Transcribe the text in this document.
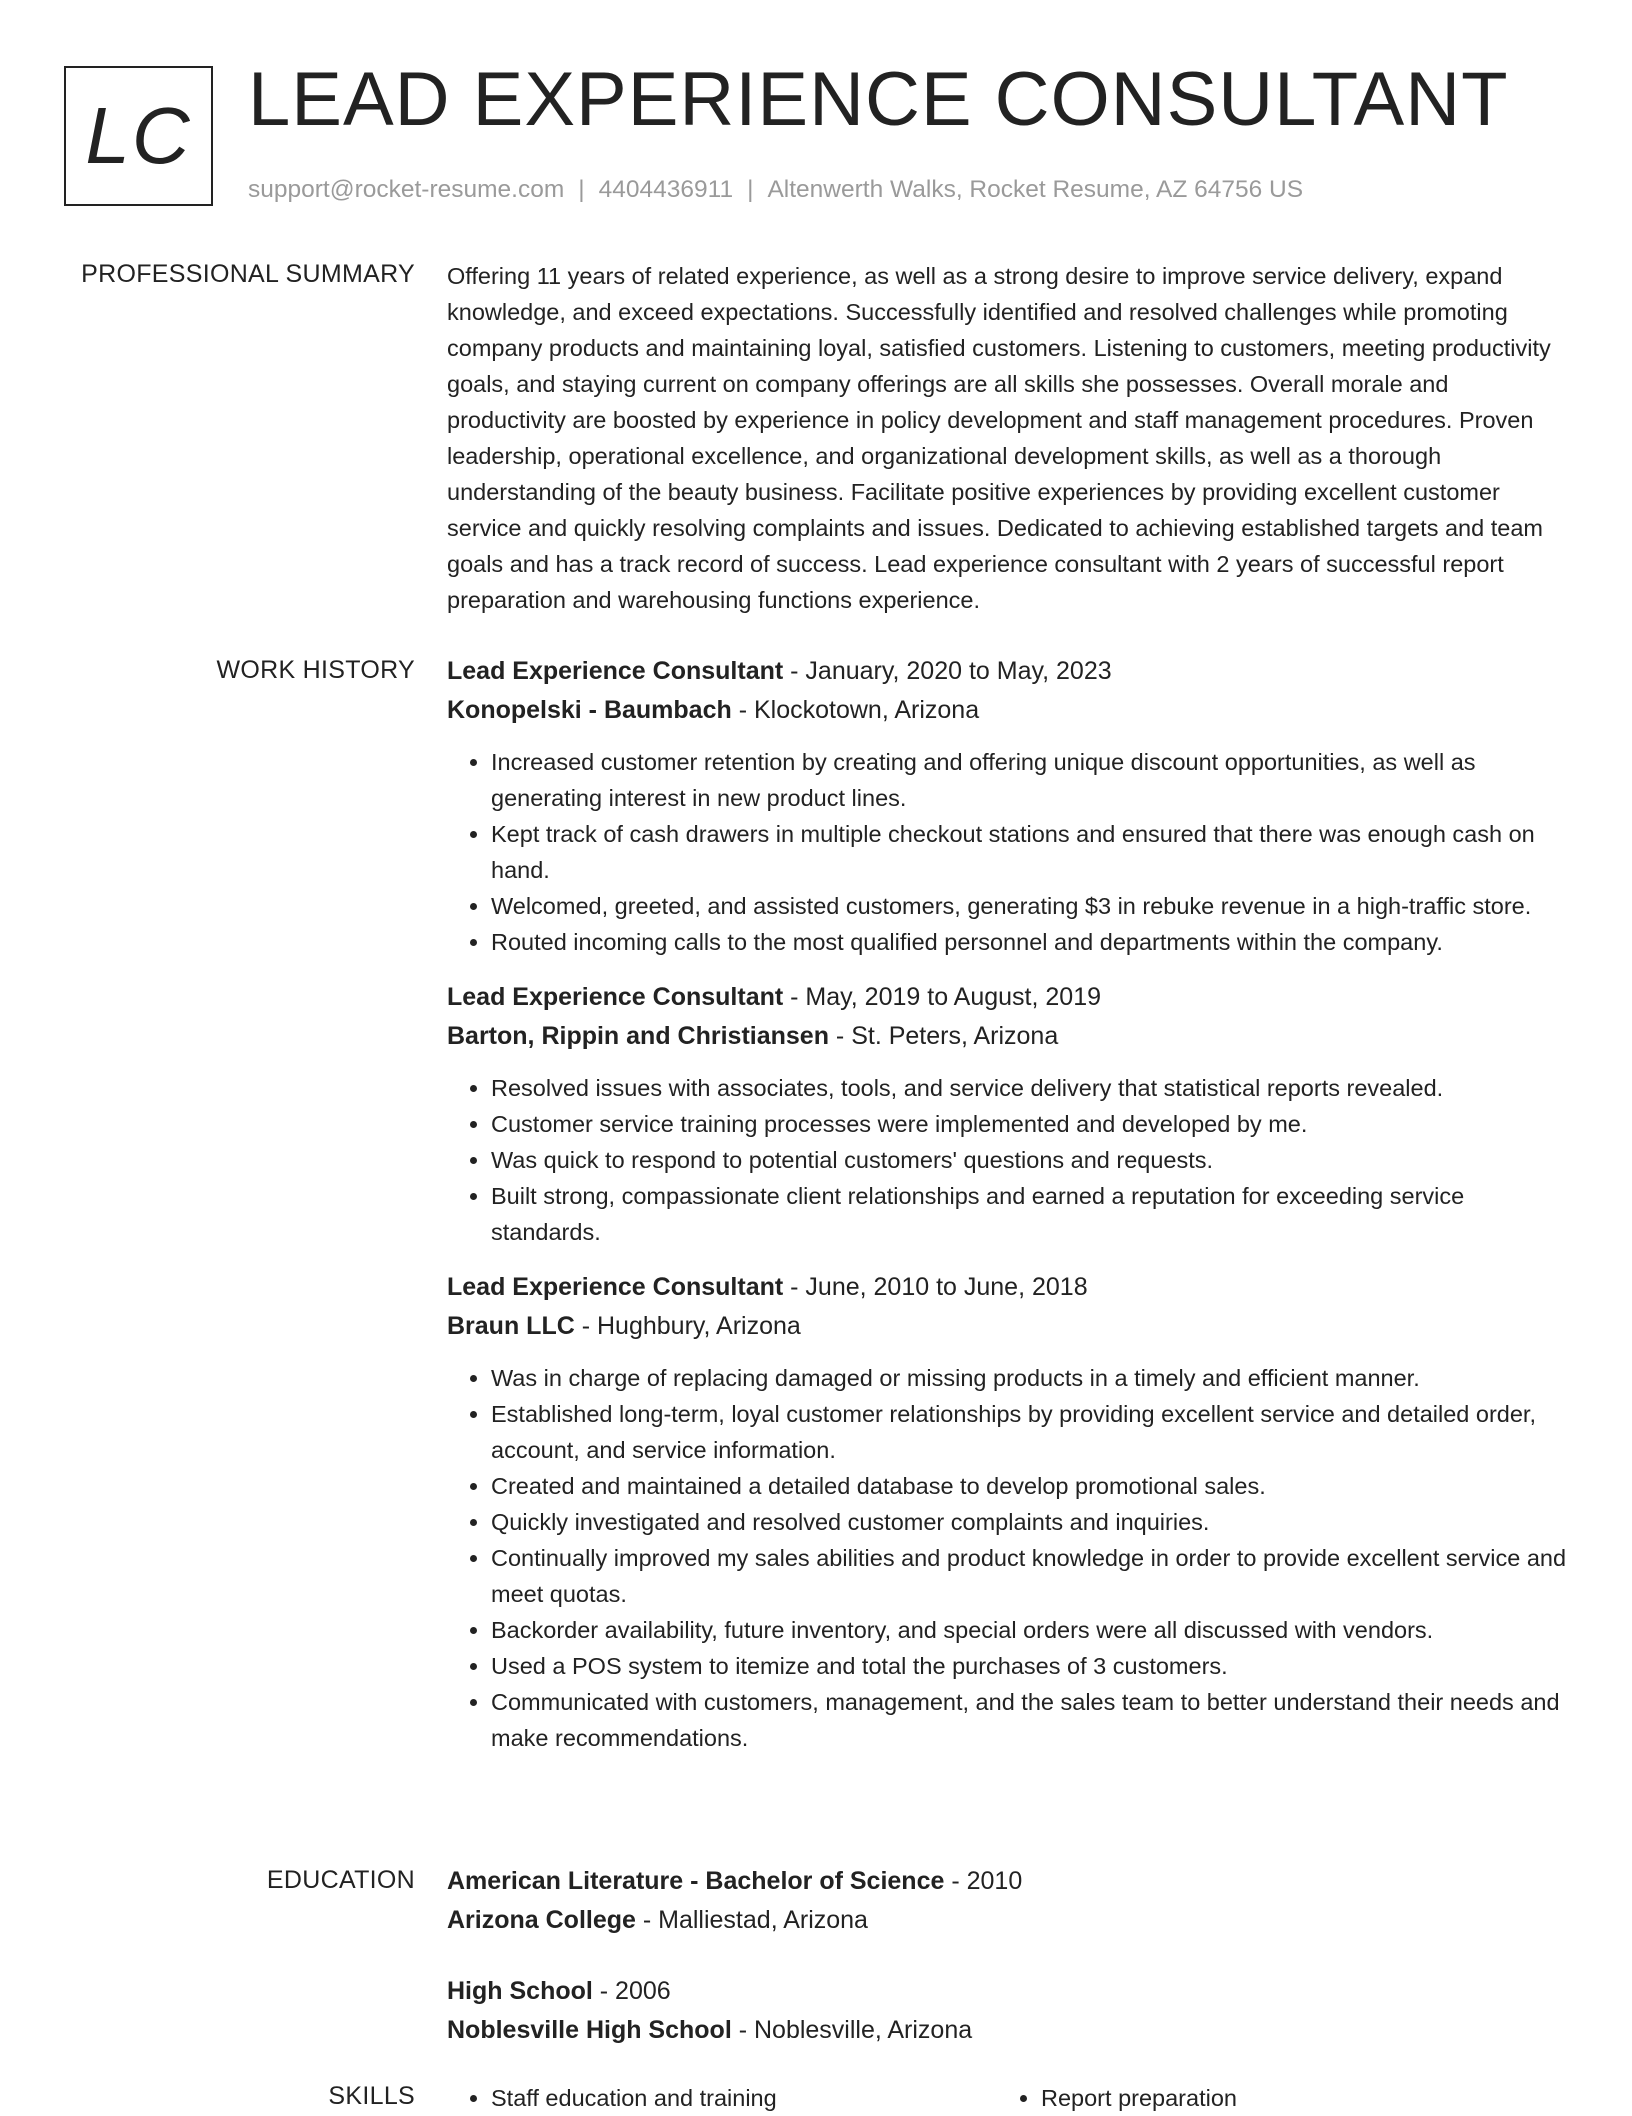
LC LEAD EXPERIENCE CONSULTANT
support@rocket-resume.com | 4404436911 | Altenwerth Walks, Rocket Resume, AZ 64756 US
PROFESSIONAL SUMMARY Offering 11 years of related experience, as well as a strong desire to improve service delivery, expand knowledge, and exceed expectations. Successfully identified and resolved challenges while promoting company products and maintaining loyal, satisfied customers. Listening to customers, meeting productivity goals, and staying current on company offerings are all skills she possesses. Overall morale and productivity are boosted by experience in policy development and staff management procedures. Proven leadership, operational excellence, and organizational development skills, as well as a thorough understanding of the beauty business. Facilitate positive experiences by providing excellent customer service and quickly resolving complaints and issues. Dedicated to achieving established targets and team goals and has a track record of success. Lead experience consultant with 2 years of successful report preparation and warehousing functions experience.

WORK HISTORY Lead Experience Consultant - January, 2020 to May, 2023
Konopelski - Baumbach - Klockotown, Arizona
• Increased customer retention by creating and offering unique discount opportunities, as well as generating interest in new product lines.
• Kept track of cash drawers in multiple checkout stations and ensured that there was enough cash on hand.
• Welcomed, greeted, and assisted customers, generating $3 in rebuke revenue in a high-traffic store.
• Routed incoming calls to the most qualified personnel and departments within the company.
Lead Experience Consultant - May, 2019 to August, 2019
Barton, Rippin and Christiansen - St. Peters, Arizona
• Resolved issues with associates, tools, and service delivery that statistical reports revealed.
• Customer service training processes were implemented and developed by me.
• Was quick to respond to potential customers' questions and requests.
• Built strong, compassionate client relationships and earned a reputation for exceeding service standards.
Lead Experience Consultant - June, 2010 to June, 2018
Braun LLC - Hughbury, Arizona
• Was in charge of replacing damaged or missing products in a timely and efficient manner.
• Established long-term, loyal customer relationships by providing excellent service and detailed order, account, and service information.
• Created and maintained a detailed database to develop promotional sales.
• Quickly investigated and resolved customer complaints and inquiries.
• Continually improved my sales abilities and product knowledge in order to provide excellent service and meet quotas.
• Backorder availability, future inventory, and special orders were all discussed with vendors.
• Used a POS system to itemize and total the purchases of 3 customers.
• Communicated with customers, management, and the sales team to better understand their needs and make recommendations.
EDUCATION American Literature - Bachelor of Science - 2010
Arizona College - Malliestad, Arizona
High School - 2006
Noblesville High School - Noblesville, Arizona
SKILLS	• Staff education and training	• Report preparation
